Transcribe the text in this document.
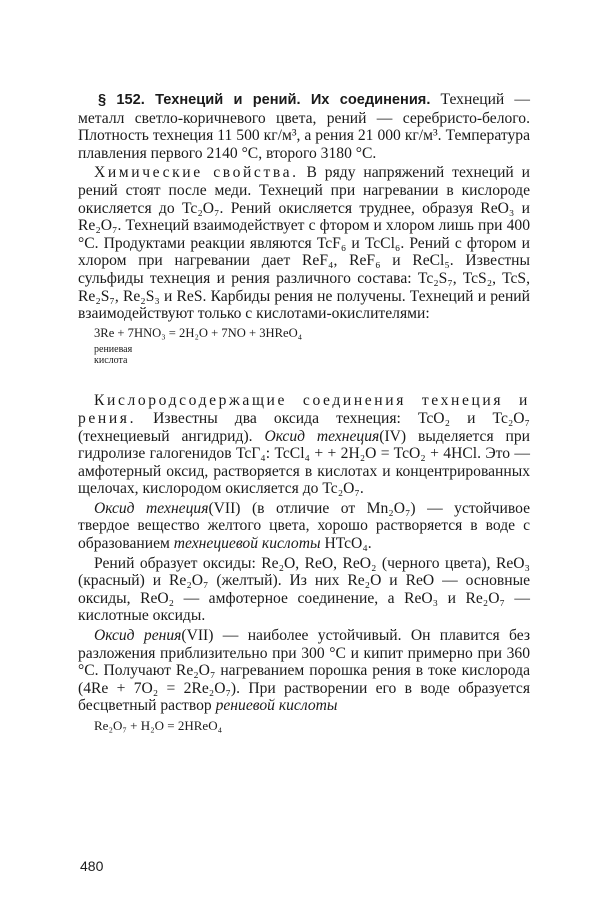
§ 152. Технеций и рений. Их соединения. Технеций — металл светло-коричневого цвета, рений — серебристо-белого. Плотность технеция 11 500 кг/м³, а рения 21 000 кг/м³. Температура плавления первого 2140 °C, второго 3180 °C.

Химические свойства. В ряду напряжений технеций и рений стоят после меди. Технеций при нагревании в кислороде окисляется до Tc₂O₇. Рений окисляется труднее, образуя ReO₃ и Re₂O₇. Технеций взаимодействует с фтором и хлором лишь при 400 °C. Продуктами реакции являются TcF₆ и TcCl₆. Рений с фтором и хлором при нагревании дает ReF₄, ReF₆ и ReCl₅. Известны сульфиды технеция и рения различного состава: Tc₂S₇, TcS₂, TcS, Re₂S₇, Re₂S₃ и ReS. Карбиды рения не получены. Технеций и рений взаимодействуют только с кислотами-окислителями:

3Re + 7HNO₃ = 2H₂O + 7NO + 3HReO₄

рениевая
кислота

Кислородсодержащие соединения технеция и рения. Известны два оксида технеция: TcO₂ и Tc₂O₇ (технециевый ангидрид). Оксид технеция(IV) выделяется при гидролизе галогенидов TcГ₄: TcCl₄ + + 2H₂O = TcO₂ + 4HCl. Это — амфотерный оксид, растворяется в кислотах и концентрированных щелочах, кислородом окисляется до Tc₂O₇.

Оксид технеция(VII) (в отличие от Mn₂O₇) — устойчивое твердое вещество желтого цвета, хорошо растворяется в воде с образованием технециевой кислоты HTcO₄.

Рений образует оксиды: Re₂O, ReO, ReO₂ (черного цвета), ReO₃ (красный) и Re₂O₇ (желтый). Из них Re₂O и ReO — основные оксиды, ReO₂ — амфотерное соединение, а ReO₃ и Re₂O₇ — кислотные оксиды.

Оксид рения(VII) — наиболее устойчивый. Он плавится без разложения приблизительно при 300 °C и кипит примерно при 360 °C. Получают Re₂O₇ нагреванием порошка рения в токе кислорода (4Re + 7O₂ = 2Re₂O₇). При растворении его в воде образуется бесцветный раствор рениевой кислоты

Re₂O₇ + H₂O = 2HReO₄

480
